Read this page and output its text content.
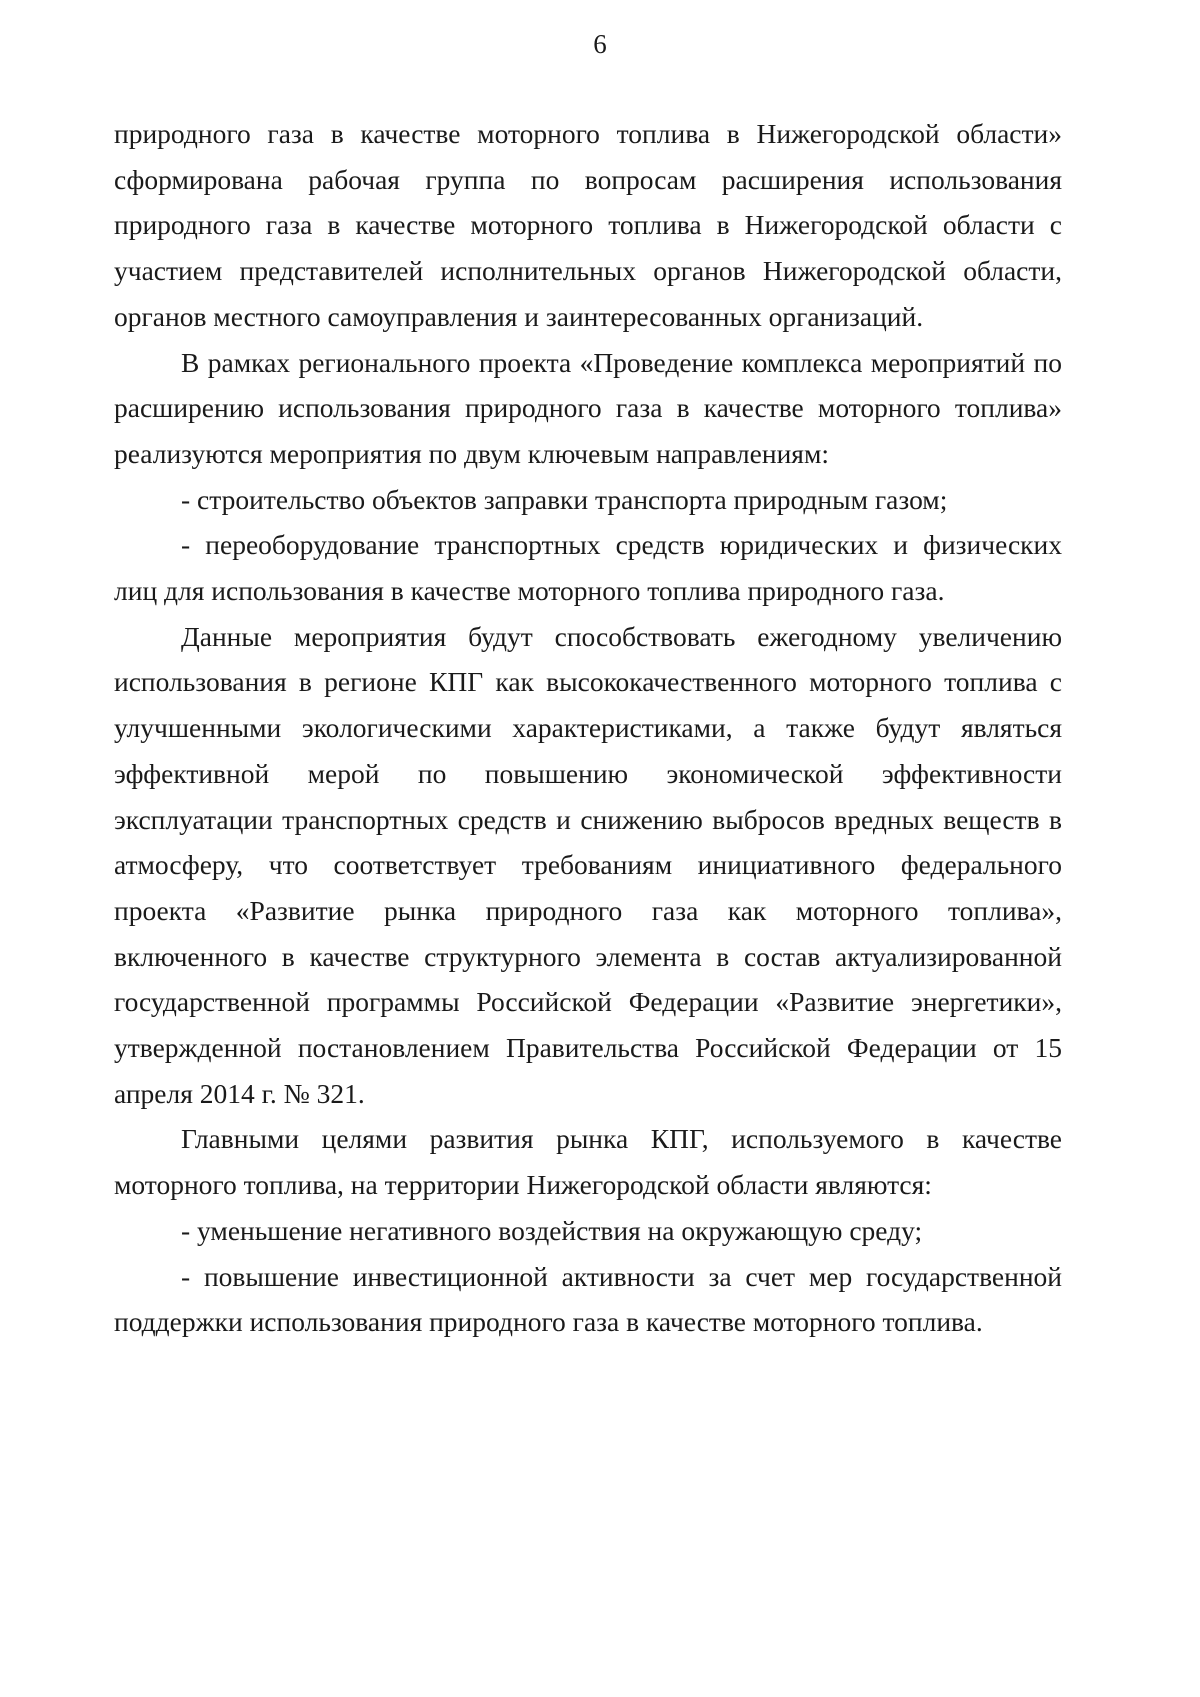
6

природного газа в качестве моторного топлива в Нижегородской области» сформирована рабочая группа по вопросам расширения использования природного газа в качестве моторного топлива в Нижегородской области с участием представителей исполнительных органов Нижегородской области, органов местного самоуправления и заинтересованных организаций.

В рамках регионального проекта «Проведение комплекса мероприятий по расширению использования природного газа в качестве моторного топлива» реализуются мероприятия по двум ключевым направлениям:

- строительство объектов заправки транспорта природным газом;

- переоборудование транспортных средств юридических и физических лиц для использования в качестве моторного топлива природного газа.

Данные мероприятия будут способствовать ежегодному увеличению использования в регионе КПГ как высококачественного моторного топлива с улучшенными экологическими характеристиками, а также будут являться эффективной мерой по повышению экономической эффективности эксплуатации транспортных средств и снижению выбросов вредных веществ в атмосферу, что соответствует требованиям инициативного федерального проекта «Развитие рынка природного газа как моторного топлива», включенного в качестве структурного элемента в состав актуализированной государственной программы Российской Федерации «Развитие энергетики», утвержденной постановлением Правительства Российской Федерации от 15 апреля 2014 г. № 321.

Главными целями развития рынка КПГ, используемого в качестве моторного топлива, на территории Нижегородской области являются:

- уменьшение негативного воздействия на окружающую среду;

- повышение инвестиционной активности за счет мер государственной поддержки использования природного газа в качестве моторного топлива.
